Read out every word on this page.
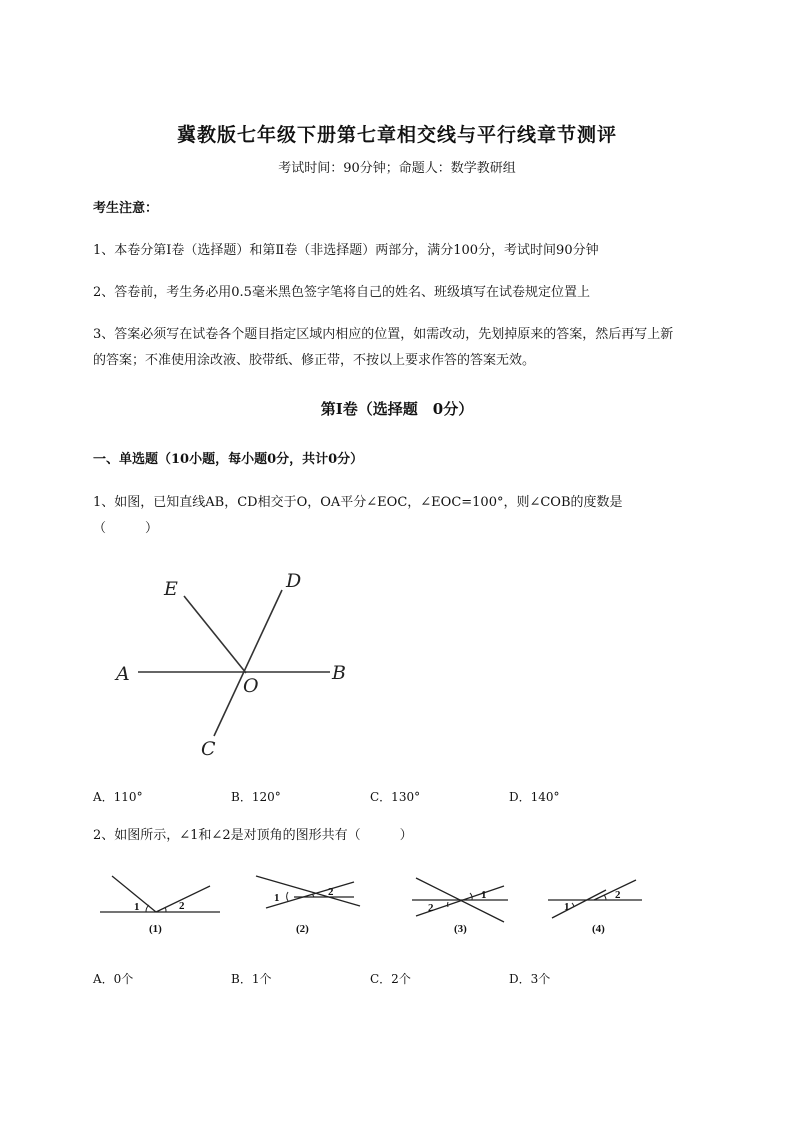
冀教版七年级下册第七章相交线与平行线章节测评
考试时间：90分钟；命题人：数学教研组
考生注意：
1、本卷分第Ⅰ卷（选择题）和第Ⅱ卷（非选择题）两部分，满分100分，考试时间90分钟
2、答卷前，考生务必用0.5毫米黑色签字笔将自己的姓名、班级填写在试卷规定位置上
3、答案必须写在试卷各个题目指定区域内相应的位置，如需改动，先划掉原来的答案，然后再写上新
的答案；不准使用涂改液、胶带纸、修正带，不按以上要求作答的答案无效。
第Ⅰ卷（选择题　0分）
一、单选题（10小题，每小题0分，共计0分）
1、如图，已知直线AB，CD相交于O，OA平分∠EOC，∠EOC=100°，则∠COB的度数是
（　　　）
E	D
A
O
B
C
A．110°	B．120°	C．130°	D．140°
2、如图所示，∠1和∠2是对顶角的图形共有（　　　）
1	2
(1)
1	2
(2)
2
1
(3)
1
2
(4)
A．0个	B．1个	C．2个	D．3个
